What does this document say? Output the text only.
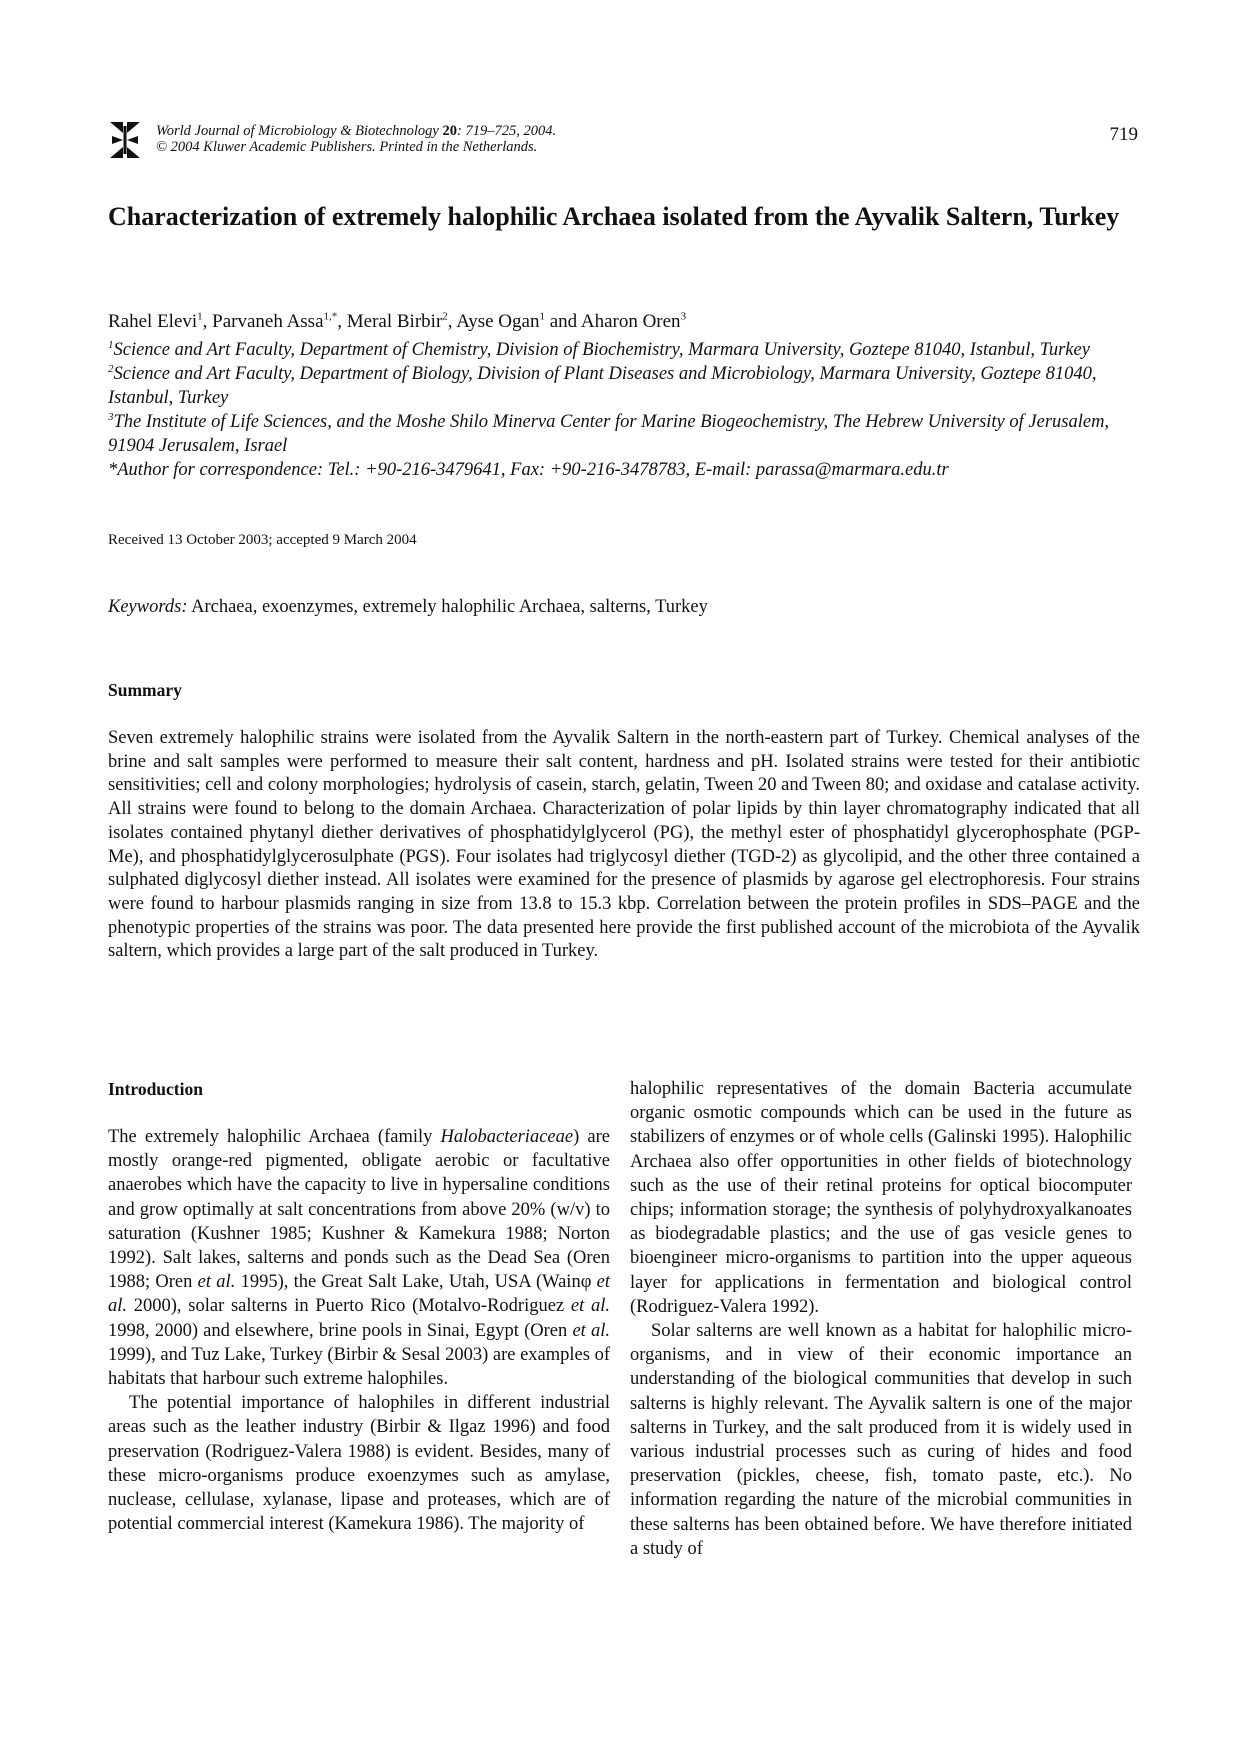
World Journal of Microbiology & Biotechnology 20: 719–725, 2004.
© 2004 Kluwer Academic Publishers. Printed in the Netherlands.
719
Characterization of extremely halophilic Archaea isolated from the Ayvalik Saltern, Turkey
Rahel Elevi$^1$, Parvaneh Assa$^{1,*}$, Meral Birbir$^2$, Ayse Ogan$^1$ and Aharon Oren$^3$

$^1$Science and Art Faculty, Department of Chemistry, Division of Biochemistry, Marmara University, Goztepe 81040, Istanbul, Turkey

$^2$Science and Art Faculty, Department of Biology, Division of Plant Diseases and Microbiology, Marmara University, Goztepe 81040, Istanbul, Turkey

$^3$The Institute of Life Sciences, and the Moshe Shilo Minerva Center for Marine Biogeochemistry, The Hebrew University of Jerusalem, 91904 Jerusalem, Israel

*Author for correspondence: Tel.: +90-216-3479641, Fax: +90-216-3478783, E-mail: parassa@marmara.edu.tr

Received 13 October 2003; accepted 9 March 2004
Keywords: Archaea, exoenzymes, extremely halophilic Archaea, salterns, Turkey
Summary

Seven extremely halophilic strains were isolated from the Ayvalik Saltern in the north-eastern part of Turkey. Chemical analyses of the brine and salt samples were performed to measure their salt content, hardness and pH. Isolated strains were tested for their antibiotic sensitivities; cell and colony morphologies; hydrolysis of casein, starch, gelatin, Tween 20 and Tween 80; and oxidase and catalase activity. All strains were found to belong to the domain Archaea. Characterization of polar lipids by thin layer chromatography indicated that all isolates contained phytanyl diether derivatives of phosphatidylglycerol (PG), the methyl ester of phosphatidyl glycerophosphate (PGP-Me), and phosphatidylglycerosulphate (PGS). Four isolates had triglycosyl diether (TGD-2) as glycolipid, and the other three contained a sulphated diglycosyl diether instead. All isolates were examined for the presence of plasmids by agarose gel electrophoresis. Four strains were found to harbour plasmids ranging in size from 13.8 to 15.3 kbp. Correlation between the protein profiles in SDS–PAGE and the phenotypic properties of the strains was poor. The data presented here provide the first published account of the microbiota of the Ayvalik saltern, which provides a large part of the salt produced in Turkey.

Introduction

The extremely halophilic Archaea (family Halobacteriaceae) are mostly orange-red pigmented, obligate aerobic or facultative anaerobes which have the capacity to live in hypersaline conditions and grow optimally at salt concentrations from above 20% (w/v) to saturation (Kushner 1985; Kushner & Kamekura 1988; Norton 1992). Salt lakes, salterns and ponds such as the Dead Sea (Oren 1988; Oren et al. 1995), the Great Salt Lake, Utah, USA (Wainφ et al. 2000), solar salterns in Puerto Rico (Motalvo-Rodriguez et al. 1998, 2000) and elsewhere, brine pools in Sinai, Egypt (Oren et al. 1999), and Tuz Lake, Turkey (Birbir & Sesal 2003) are examples of habitats that harbour such extreme halophiles.

The potential importance of halophiles in different industrial areas such as the leather industry (Birbir & Ilgaz 1996) and food preservation (Rodriguez-Valera 1988) is evident. Besides, many of these micro-organisms produce exoenzymes such as amylase, nuclease, cellulase, xylanase, lipase and proteases, which are of potential commercial interest (Kamekura 1986). The majority of

halophilic representatives of the domain Bacteria accumulate organic osmotic compounds which can be used in the future as stabilizers of enzymes or of whole cells (Galinski 1995). Halophilic Archaea also offer opportunities in other fields of biotechnology such as the use of their retinal proteins for optical biocomputer chips; information storage; the synthesis of polyhydroxyalkanoates as biodegradable plastics; and the use of gas vesicle genes to bioengineer micro-organisms to partition into the upper aqueous layer for applications in fermentation and biological control (Rodriguez-Valera 1992).

Solar salterns are well known as a habitat for halophilic micro-organisms, and in view of their economic importance an understanding of the biological communities that develop in such salterns is highly relevant. The Ayvalik saltern is one of the major salterns in Turkey, and the salt produced from it is widely used in various industrial processes such as curing of hides and food preservation (pickles, cheese, fish, tomato paste, etc.). No information regarding the nature of the microbial communities in these salterns has been obtained before. We have therefore initiated a study of
